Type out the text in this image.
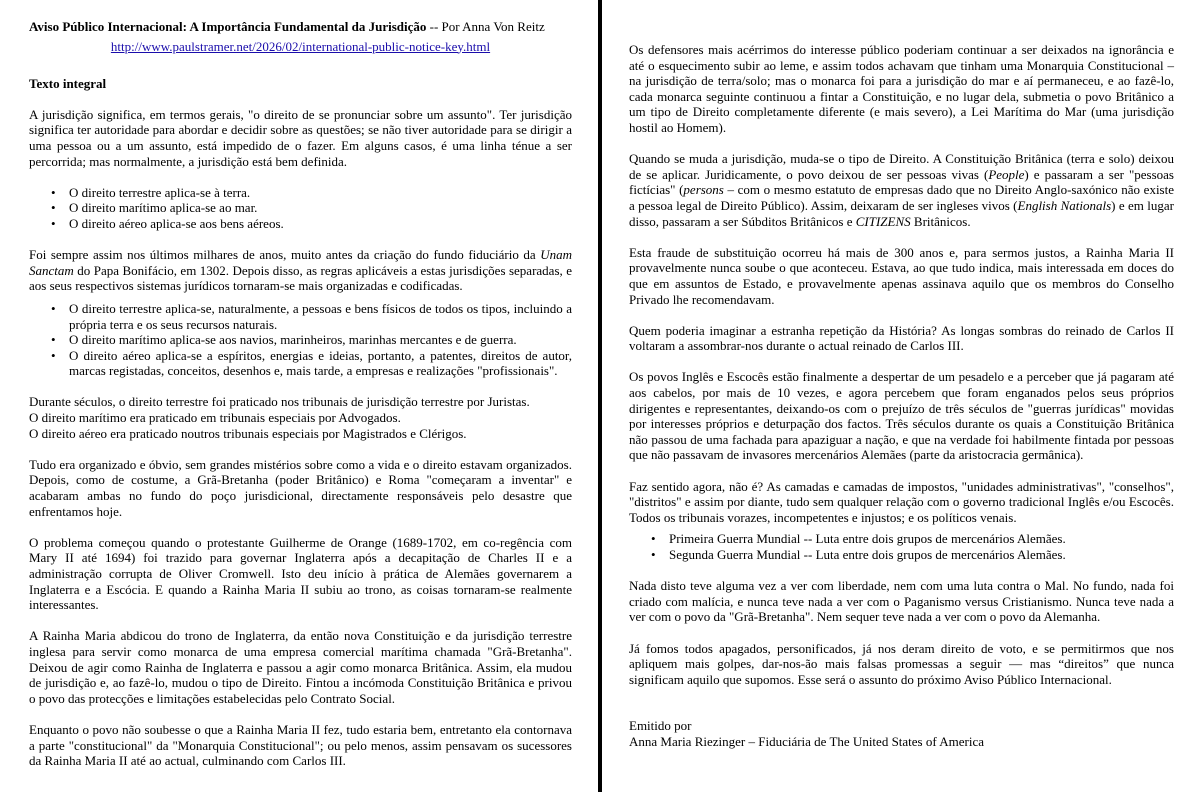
Aviso Público Internacional: A Importância Fundamental da Jurisdição -- Por Anna Von Reitz

http://www.paulstramer.net/2026/02/international-public-notice-key.html

Texto integral

A jurisdição significa, em termos gerais, "o direito de se pronunciar sobre um assunto". Ter jurisdição significa ter autoridade para abordar e decidir sobre as questões; se não tiver autoridade para se dirigir a uma pessoa ou a um assunto, está impedido de o fazer. Em alguns casos, é uma linha ténue a ser percorrida; mas normalmente, a jurisdição está bem definida.

• O direito terrestre aplica-se à terra.
• O direito marítimo aplica-se ao mar.
• O direito aéreo aplica-se aos bens aéreos.

Foi sempre assim nos últimos milhares de anos, muito antes da criação do fundo fiduciário da Unam Sanctam do Papa Bonifácio, em 1302. Depois disso, as regras aplicáveis a estas jurisdições separadas, e aos seus respectivos sistemas jurídicos tornaram-se mais organizadas e codificadas.

• O direito terrestre aplica-se, naturalmente, a pessoas e bens físicos de todos os tipos, incluindo a própria terra e os seus recursos naturais.
• O direito marítimo aplica-se aos navios, marinheiros, marinhas mercantes e de guerra.
• O direito aéreo aplica-se a espíritos, energias e ideias, portanto, a patentes, direitos de autor, marcas registadas, conceitos, desenhos e, mais tarde, a empresas e realizações "profissionais".

Durante séculos, o direito terrestre foi praticado nos tribunais de jurisdição terrestre por Juristas.
O direito marítimo era praticado em tribunais especiais por Advogados.
O direito aéreo era praticado noutros tribunais especiais por Magistrados e Clérigos.

Tudo era organizado e óbvio, sem grandes mistérios sobre como a vida e o direito estavam organizados. Depois, como de costume, a Grã-Bretanha (poder Britânico) e Roma "começaram a inventar" e acabaram ambas no fundo do poço jurisdicional, directamente responsáveis pelo desastre que enfrentamos hoje.

O problema começou quando o protestante Guilherme de Orange (1689-1702, em co-regência com Mary II até 1694) foi trazido para governar Inglaterra após a decapitação de Charles II e a administração corrupta de Oliver Cromwell. Isto deu início à prática de Alemães governarem a Inglaterra e a Escócia. E quando a Rainha Maria II subiu ao trono, as coisas tornaram-se realmente interessantes.

A Rainha Maria abdicou do trono de Inglaterra, da então nova Constituição e da jurisdição terrestre inglesa para servir como monarca de uma empresa comercial marítima chamada "Grã-Bretanha". Deixou de agir como Rainha de Inglaterra e passou a agir como monarca Britânica. Assim, ela mudou de jurisdição e, ao fazê-lo, mudou o tipo de Direito. Fintou a incómoda Constituição Britânica e privou o povo das protecções e limitações estabelecidas pelo Contrato Social.

Enquanto o povo não soubesse o que a Rainha Maria II fez, tudo estaria bem, entretanto ela contornava a parte "constitucional" da "Monarquia Constitucional"; ou pelo menos, assim pensavam os sucessores da Rainha Maria II até ao actual, culminando com Carlos III.

Os defensores mais acérrimos do interesse público poderiam continuar a ser deixados na ignorância e até o esquecimento subir ao leme, e assim todos achavam que tinham uma Monarquia Constitucional – na jurisdição de terra/solo; mas o monarca foi para a jurisdição do mar e aí permaneceu, e ao fazê-lo, cada monarca seguinte continuou a fintar a Constituição, e no lugar dela, submetia o povo Britânico a um tipo de Direito completamente diferente (e mais severo), a Lei Marítima do Mar (uma jurisdição hostil ao Homem).

Quando se muda a jurisdição, muda-se o tipo de Direito. A Constituição Britânica (terra e solo) deixou de se aplicar. Juridicamente, o povo deixou de ser pessoas vivas (People) e passaram a ser "pessoas fictícias" (persons – com o mesmo estatuto de empresas dado que no Direito Anglo-saxónico não existe a pessoa legal de Direito Público). Assim, deixaram de ser ingleses vivos (English Nationals) e em lugar disso, passaram a ser Súbditos Britânicos e CITIZENS Britânicos.

Esta fraude de substituição ocorreu há mais de 300 anos e, para sermos justos, a Rainha Maria II provavelmente nunca soube o que aconteceu. Estava, ao que tudo indica, mais interessada em doces do que em assuntos de Estado, e provavelmente apenas assinava aquilo que os membros do Conselho Privado lhe recomendavam.

Quem poderia imaginar a estranha repetição da História? As longas sombras do reinado de Carlos II voltaram a assombrar-nos durante o actual reinado de Carlos III.

Os povos Inglês e Escocês estão finalmente a despertar de um pesadelo e a perceber que já pagaram até aos cabelos, por mais de 10 vezes, e agora percebem que foram enganados pelos seus próprios dirigentes e representantes, deixando-os com o prejuízo de três séculos de "guerras jurídicas" movidas por interesses próprios e deturpação dos factos. Três séculos durante os quais a Constituição Britânica não passou de uma fachada para apaziguar a nação, e que na verdade foi habilmente fintada por pessoas que não passavam de invasores mercenários Alemães (parte da aristocracia germânica).

Faz sentido agora, não é? As camadas e camadas de impostos, "unidades administrativas", "conselhos", "distritos" e assim por diante, tudo sem qualquer relação com o governo tradicional Inglês e/ou Escocês. Todos os tribunais vorazes, incompetentes e injustos; e os políticos venais.

• Primeira Guerra Mundial -- Luta entre dois grupos de mercenários Alemães.
• Segunda Guerra Mundial -- Luta entre dois grupos de mercenários Alemães.

Nada disto teve alguma vez a ver com liberdade, nem com uma luta contra o Mal. No fundo, nada foi criado com malícia, e nunca teve nada a ver com o Paganismo versus Cristianismo. Nunca teve nada a ver com o povo da "Grã-Bretanha". Nem sequer teve nada a ver com o povo da Alemanha.

Já fomos todos apagados, personificados, já nos deram direito de voto, e se permitirmos que nos apliquem mais golpes, dar-nos-ão mais falsas promessas a seguir — mas “direitos” que nunca significam aquilo que supomos. Esse será o assunto do próximo Aviso Público Internacional.

Emitido por
Anna Maria Riezinger – Fiduciária de The United States of America
